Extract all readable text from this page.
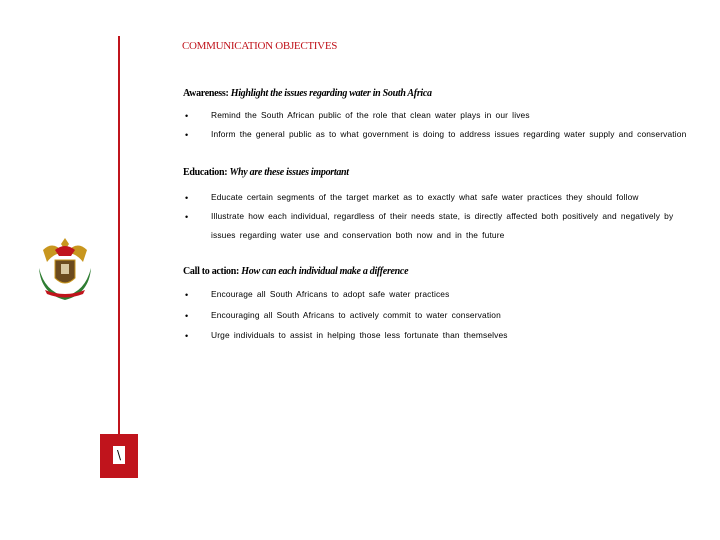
COMMUNICATION OBJECTIVES
Awareness: Highlight the issues regarding water in South Africa
•	Remind the South African public of the role that clean water plays in our lives
•	Inform the general public as to what government is doing to address issues regarding water supply and conservation
Education: Why are these issues important
•	Educate certain segments of the target market as to exactly what safe water practices they should follow
•	Illustrate how each individual, regardless of their needs state, is directly affected both positively and negatively by issues regarding water use and conservation both now and in the future
Call to action: How can each individual make a difference
•	Encourage all South Africans to adopt safe water practices
•	Encouraging all South Africans to actively commit to water conservation
•	Urge individuals to assist in helping those less fortunate than themselves
\
